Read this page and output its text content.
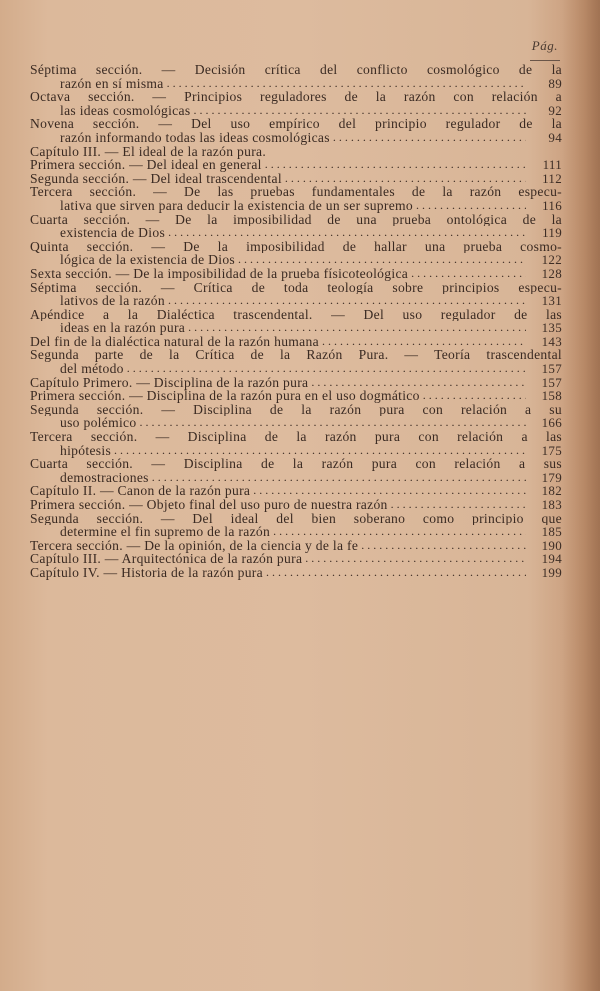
Pág.
Séptima sección. — Decisión crítica del conflicto cosmológico de la
razón en sí misma . . .	89
Octava sección. — Principios reguladores de la razón con relación a
las ideas cosmológicas . . .	92
Novena sección. — Del uso empírico del principio regulador de la
razón informando todas las ideas cosmológicas . . .	94
Capítulo III. — El ideal de la razón pura.
Primera sección. — Del ideal en general . . .	111
Segunda sección. — Del ideal trascendental . . .	112
Tercera sección. — De las pruebas fundamentales de la razón especu-
lativa que sirven para deducir la existencia de un ser supremo . . .	116
Cuarta sección. — De la imposibilidad de una prueba ontológica de la
existencia de Dios . . .	119
Quinta sección. — De la imposibilidad de hallar una prueba cosmo-
lógica de la existencia de Dios . . .	122
Sexta sección. — De la imposibilidad de la prueba físicoteológica . . .	128
Séptima sección. — Crítica de toda teología sobre principios especu-
lativos de la razón . . .	131
Apéndice a la Dialéctica trascendental. — Del uso regulador de las
ideas en la razón pura . . .	135
Del fin de la dialéctica natural de la razón humana . . .	143
Segunda parte de la Crítica de la Razón Pura. — Teoría trascendental
del método . . .	157
Capítulo Primero. — Disciplina de la razón pura . . .	157
Primera sección. — Disciplina de la razón pura en el uso dogmático . . .	158
Segunda sección. — Disciplina de la razón pura con relación a su
uso polémico . . .	166
Tercera sección. — Disciplina de la razón pura con relación a las
hipótesis . . .	175
Cuarta sección. — Disciplina de la razón pura con relación a sus
demostraciones . . .	179
Capítulo II. — Canon de la razón pura . . .	182
Primera sección. — Objeto final del uso puro de nuestra razón . . .	183
Segunda sección. — Del ideal del bien soberano como principio que
determine el fin supremo de la razón . . .	185
Tercera sección. — De la opinión, de la ciencia y de la fe . . .	190
Capítulo III. — Arquitectónica de la razón pura . . .	194
Capítulo IV. — Historia de la razón pura . . .	199
